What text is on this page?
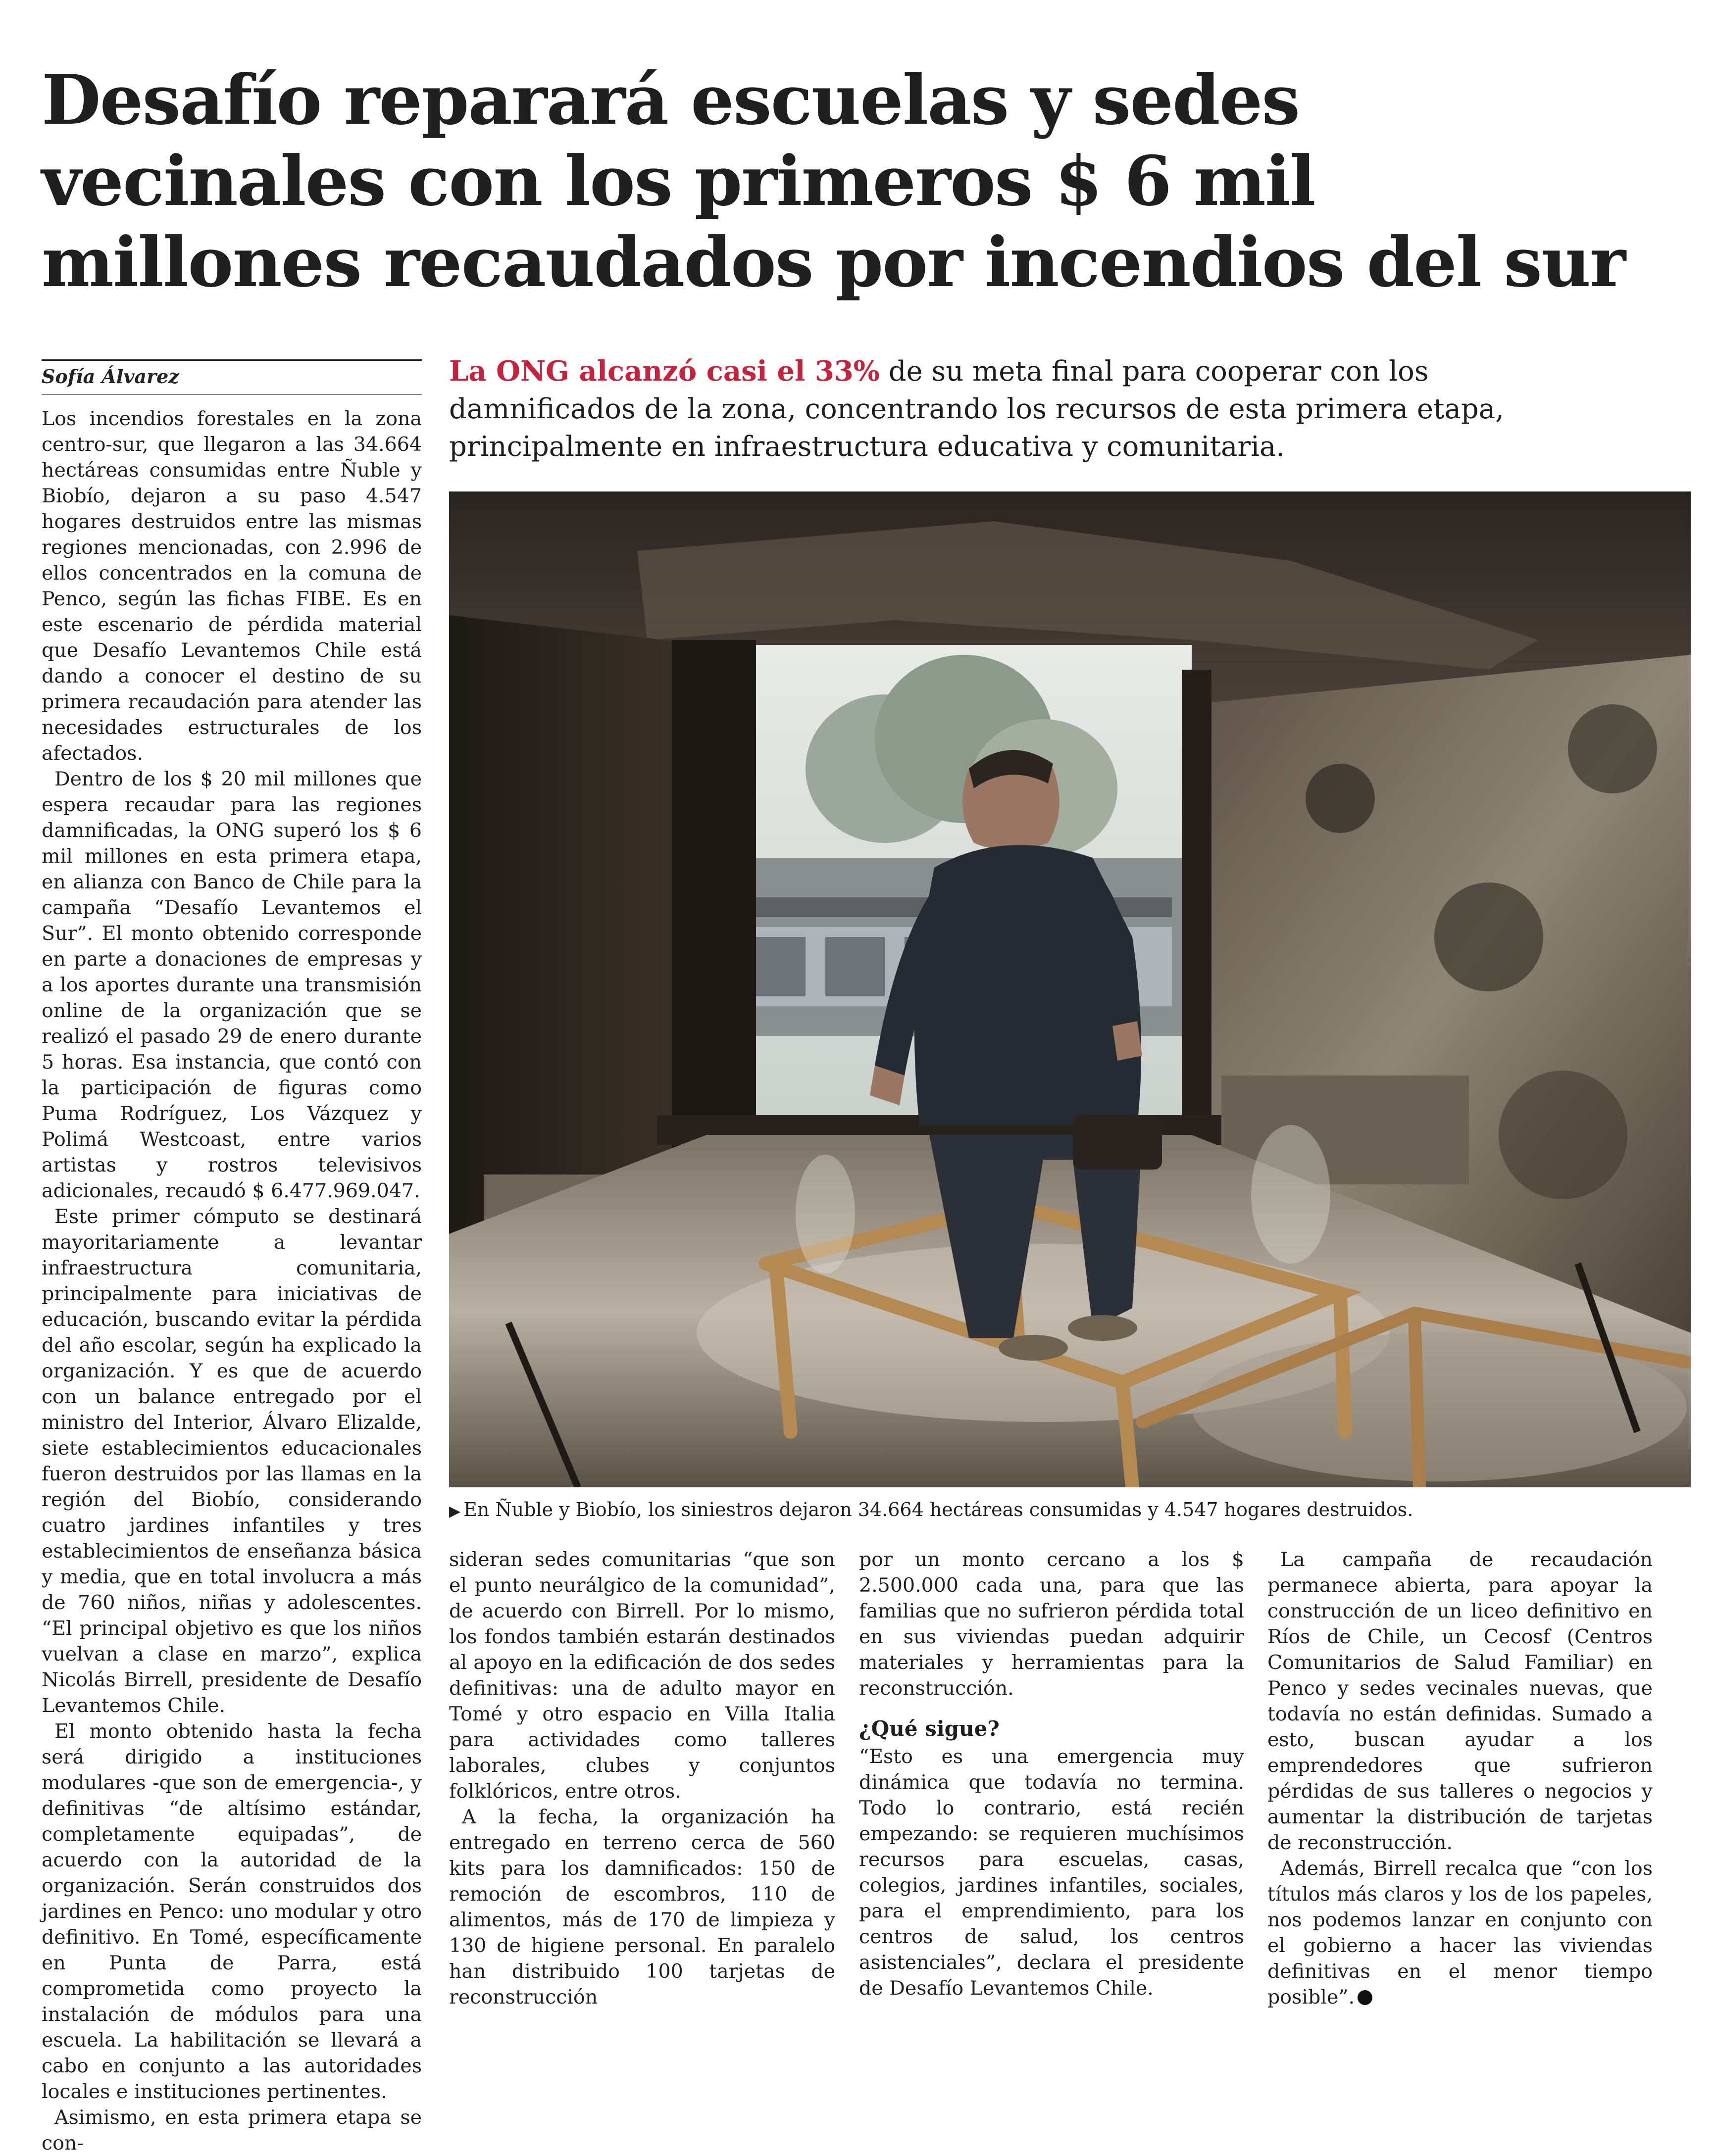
Desafío reparará escuelas y sedes
vecinales con los primeros $ 6 mil
millones recaudados por incendios del sur
Sofía Álvarez	La ONG alcanzó casi el 33% de su meta final para cooperar con los damnificados de la zona, concentrando los recursos de esta primera etapa, principalmente en infraestructura educativa y comunitaria.
▶ En Ñuble y Biobío, los siniestros dejaron 34.664 hectáreas consumidas y 4.547 hogares destruidos.

Los incendios forestales en la zona centro-sur, que llegaron a las 34.664 hectáreas consumidas entre Ñuble y Biobío, dejaron a su paso 4.547 hogares destruidos entre las mismas regiones mencionadas, con 2.996 de ellos concentrados en la comuna de Penco, según las fichas FIBE. Es en este escenario de pérdida material que Desafío Levantemos Chile está dando a conocer el destino de su primera recaudación para atender las necesidades estructurales de los afectados.

Dentro de los $ 20 mil millones que espera recaudar para las regiones damnificadas, la ONG superó los $ 6 mil millones en esta primera etapa, en alianza con Banco de Chile para la campaña “Desafío Levantemos el Sur”. El monto obtenido corresponde en parte a donaciones de empresas y a los aportes durante una transmisión online de la organización que se realizó el pasado 29 de enero durante 5 horas. Esa instancia, que contó con la participación de figuras como Puma Rodríguez, Los Vázquez y Polimá Westcoast, entre varios artistas y rostros televisivos adicionales, recaudó $ 6.477.969.047.

Este primer cómputo se destinará mayoritariamente a levantar infraestructura comunitaria, principalmente para iniciativas de educación, buscando evitar la pérdida del año escolar, según ha explicado la organización. Y es que de acuerdo con un balance entregado por el ministro del Interior, Álvaro Elizalde, siete establecimientos educacionales fueron destruidos por las llamas en la región del Biobío, considerando cuatro jardines infantiles y tres establecimientos de enseñanza básica y media, que en total involucra a más de 760 niños, niñas y adolescentes. “El principal objetivo es que los niños vuelvan a clase en marzo”, explica Nicolás Birrell, presidente de Desafío Levantemos Chile.

El monto obtenido hasta la fecha será dirigido a instituciones modulares -que son de emergencia-, y definitivas “de altísimo estándar, completamente equipadas”, de acuerdo con la autoridad de la organización. Serán construidos dos jardines en Penco: uno modular y otro definitivo. En Tomé, específicamente en Punta de Parra, está comprometida como proyecto la instalación de módulos para una escuela. La habilitación se llevará a cabo en conjunto a las autoridades locales e instituciones pertinentes.

Asimismo, en esta primera etapa se con-

sideran sedes comunitarias “que son el punto neurálgico de la comunidad”, de acuerdo con Birrell. Por lo mismo, los fondos también estarán destinados al apoyo en la edificación de dos sedes definitivas: una de adulto mayor en Tomé y otro espacio en Villa Italia para actividades como talleres laborales, clubes y conjuntos folklóricos, entre otros.

A la fecha, la organización ha entregado en terreno cerca de 560 kits para los damnificados: 150 de remoción de escombros, 110 de alimentos, más de 170 de limpieza y 130 de higiene personal. En paralelo han distribuido 100 tarjetas de reconstrucción

por un monto cercano a los $ 2.500.000 cada una, para que las familias que no sufrieron pérdida total en sus viviendas puedan adquirir materiales y herramientas para la reconstrucción.

¿Qué sigue?

“Esto es una emergencia muy dinámica que todavía no termina. Todo lo contrario, está recién empezando: se requieren muchísimos recursos para escuelas, casas, colegios, jardines infantiles, sociales, para el emprendimiento, para los centros de salud, los centros asistenciales”, declara el presidente de Desafío Levantemos Chile.

La campaña de recaudación permanece abierta, para apoyar la construcción de un liceo definitivo en Ríos de Chile, un Cecosf (Centros Comunitarios de Salud Familiar) en Penco y sedes vecinales nuevas, que todavía no están definidas. Sumado a esto, buscan ayudar a los emprendedores que sufrieron pérdidas de sus talleres o negocios y aumentar la distribución de tarjetas de reconstrucción.

Además, Birrell recalca que “con los títulos más claros y los de los papeles, nos podemos lanzar en conjunto con el gobierno a hacer las viviendas definitivas en el menor tiempo posible”.
